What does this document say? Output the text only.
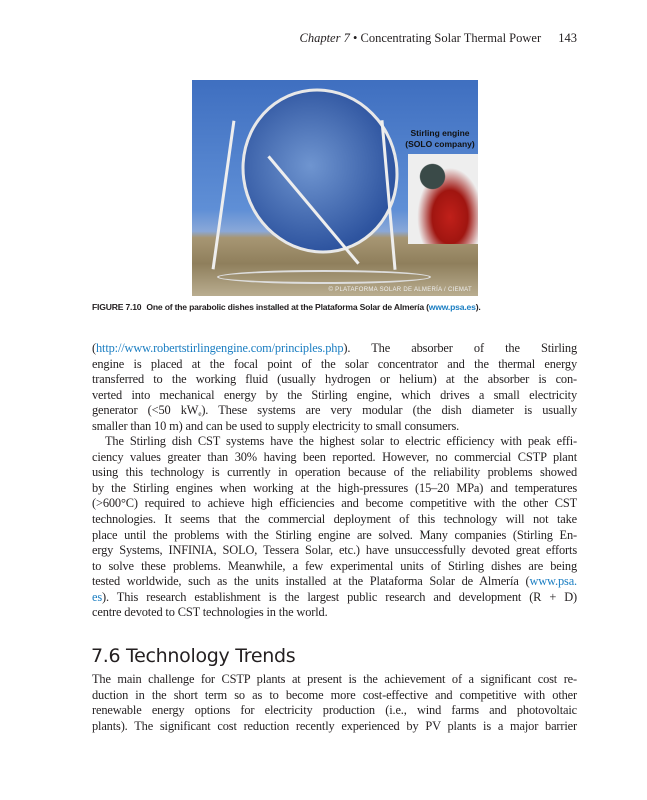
Chapter 7 • Concentrating Solar Thermal Power 143
Stirling engine
(SOLO company)
© PLATAFORMA SOLAR DE ALMERÍA / CIEMAT
FIGURE 7.10 One of the parabolic dishes installed at the Plataforma Solar de Almería (www.psa.es).
(http://www.robertstirlingengine.com/principles.php). The absorber of the Stirling
engine is placed at the focal point of the solar concentrator and the thermal energy
transferred to the working fluid (usually hydrogen or helium) at the absorber is con-
verted into mechanical energy by the Stirling engine, which drives a small electricity
generator (<50 $kW_e$). These systems are very modular (the dish diameter is usually
smaller than 10 m) and can be used to supply electricity to small consumers.
The Stirling dish CST systems have the highest solar to electric efficiency with peak effi-
ciency values greater than 30% having been reported. However, no commercial CSTP plant
using this technology is currently in operation because of the reliability problems showed
by the Stirling engines when working at the high-pressures (15–20 MPa) and temperatures
(>600°C) required to achieve high efficiencies and become competitive with the other CST
technologies. It seems that the commercial deployment of this technology will not take
place until the problems with the Stirling engine are solved. Many companies (Stirling En-
ergy Systems, INFINIA, SOLO, Tessera Solar, etc.) have unsuccessfully devoted great efforts
to solve these problems. Meanwhile, a few experimental units of Stirling dishes are being
tested worldwide, such as the units installed at the Plataforma Solar de Almería (www.psa.
es). This research establishment is the largest public research and development (R + D)
centre devoted to CST technologies in the world.
7.6 Technology Trends
The main challenge for CSTP plants at present is the achievement of a significant cost re-
duction in the short term so as to become more cost-effective and competitive with other
renewable energy options for electricity production (i.e., wind farms and photovoltaic
plants). The significant cost reduction recently experienced by PV plants is a major barrier
